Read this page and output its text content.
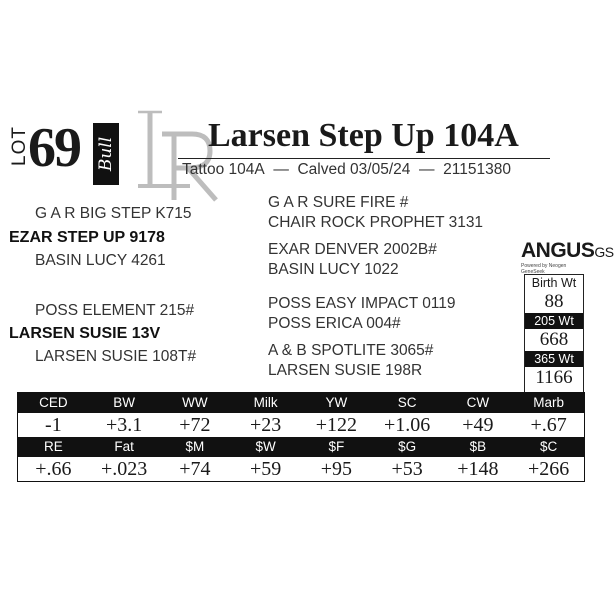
LOT
69 Bull
Larsen Step Up 104A
Tattoo 104A — Calved 03/05/24 — 21151380
G A R BIG STEP K715
EZAR STEP UP 9178
BASIN LUCY 4261
POSS ELEMENT 215#
LARSEN SUSIE 13V
LARSEN SUSIE 108T#
G A R SURE FIRE #
CHAIR ROCK PROPHET 3131
EXAR DENVER 2002B#
BASIN LUCY 1022
POSS EASY IMPACT 0119
POSS ERICA 004#
A & B SPOTLITE 3065#
LARSEN SUSIE 198R
ANGUSGS
Powered by Neogen GeneSeek
Birth Wt
88
205 Wt
668
365 Wt
1166
CED	BW	WW	Milk	YW	SC	CW	Marb
-1	+3.1	+72	+23	+122	+1.06	+49	+.67
RE	Fat	$M	$W	$F	$G	$B	$C
+.66	+.023	+74	+59	+95	+53	+148	+266
